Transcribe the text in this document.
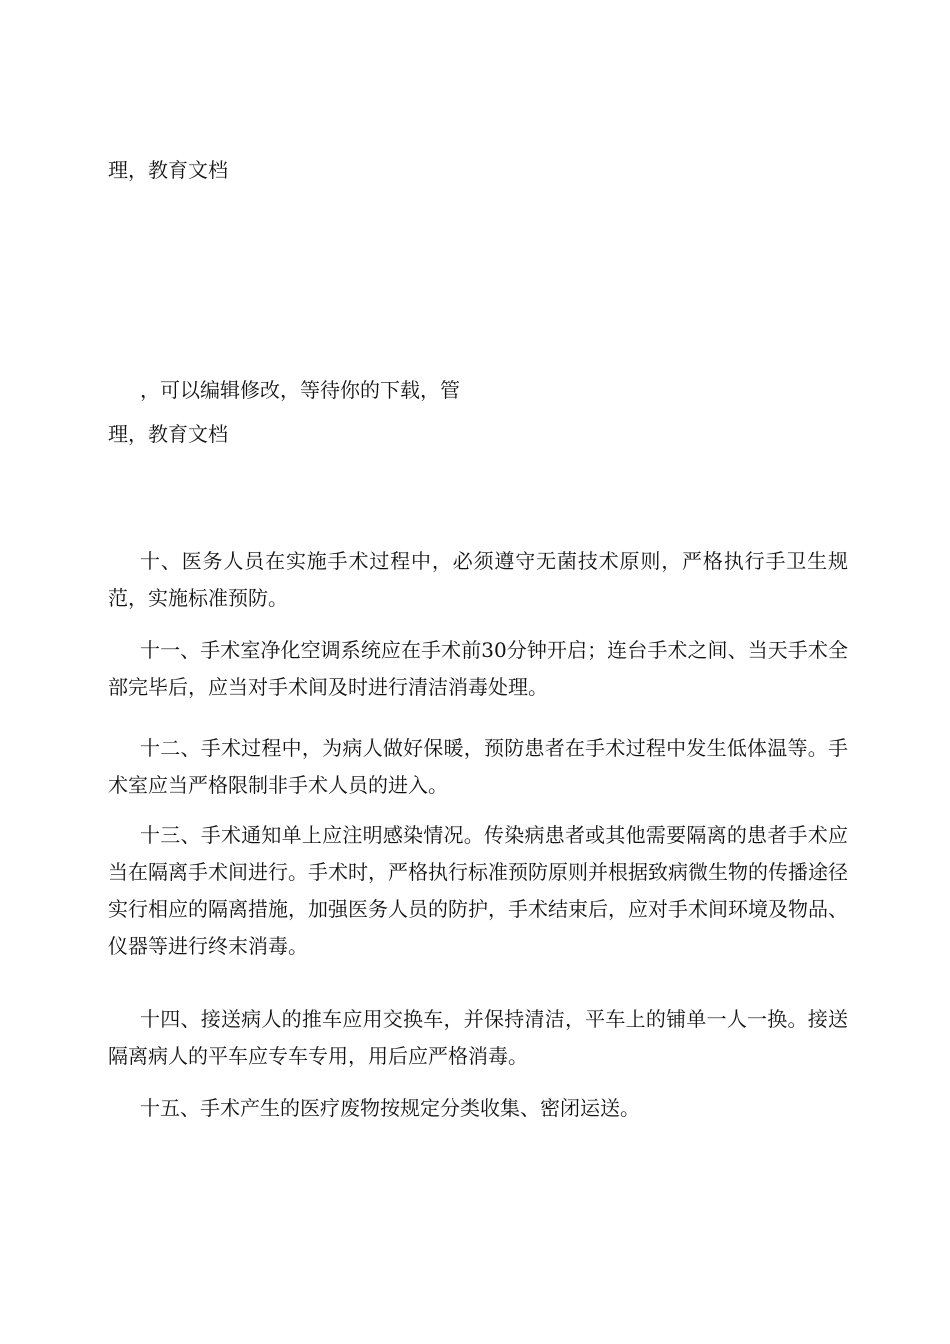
理，教育文档
，可以编辑修改，等待你的下载，管
理，教育文档
十、医务人员在实施手术过程中，必须遵守无菌技术原则，严格执行手卫生规范，实施标准预防。
十一、手术室净化空调系统应在手术前30分钟开启；连台手术之间、当天手术全部完毕后，应当对手术间及时进行清洁消毒处理。
十二、手术过程中，为病人做好保暖，预防患者在手术过程中发生低体温等。手术室应当严格限制非手术人员的进入。
十三、手术通知单上应注明感染情况。传染病患者或其他需要隔离的患者手术应当在隔离手术间进行。手术时，严格执行标准预防原则并根据致病微生物的传播途径实行相应的隔离措施，加强医务人员的防护，手术结束后，应对手术间环境及物品、仪器等进行终末消毒。
十四、接送病人的推车应用交换车，并保持清洁，平车上的铺单一人一换。接送隔离病人的平车应专车专用，用后应严格消毒。
十五、手术产生的医疗废物按规定分类收集、密闭运送。
